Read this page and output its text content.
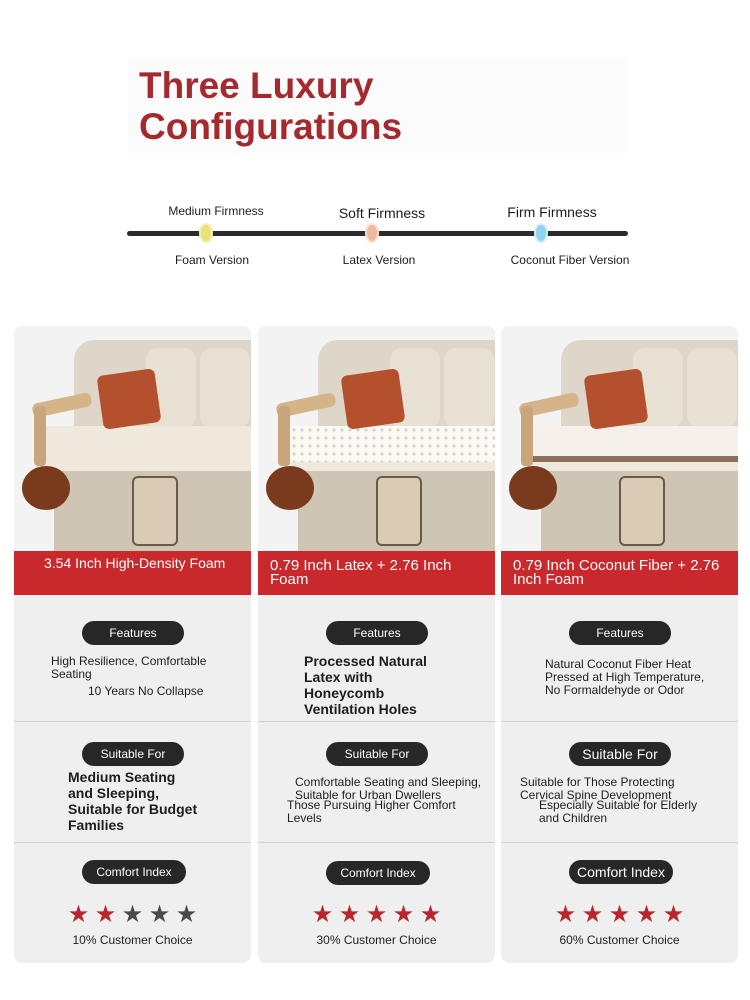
Three Luxury
Configurations
Medium Firmness	Soft Firmness	Firm Firmness
Foam Version	Latex Version	Coconut Fiber Version
3.54 Inch High-Density Foam
Features
High Resilience, Comfortable Seating
10 Years No Collapse
Suitable For
Medium Seating and Sleeping, Suitable for Budget Families
Comfort Index
★ ★ ★ ★ ★
10% Customer Choice
0.79 Inch Latex + 2.76 Inch Foam
Features
Processed Natural Latex with Honeycomb Ventilation Holes
Suitable For
Comfortable Seating and Sleeping, Suitable for Urban Dwellers
Those Pursuing Higher Comfort Levels
Comfort Index
★ ★ ★ ★ ★
30% Customer Choice
0.79 Inch Coconut Fiber + 2.76 Inch Foam
Features
Natural Coconut Fiber Heat Pressed at High Temperature, No Formaldehyde or Odor
Suitable For
Suitable for Those Protecting Cervical Spine Development
Especially Suitable for Elderly and Children
Comfort Index
★ ★ ★ ★ ★
60% Customer Choice
